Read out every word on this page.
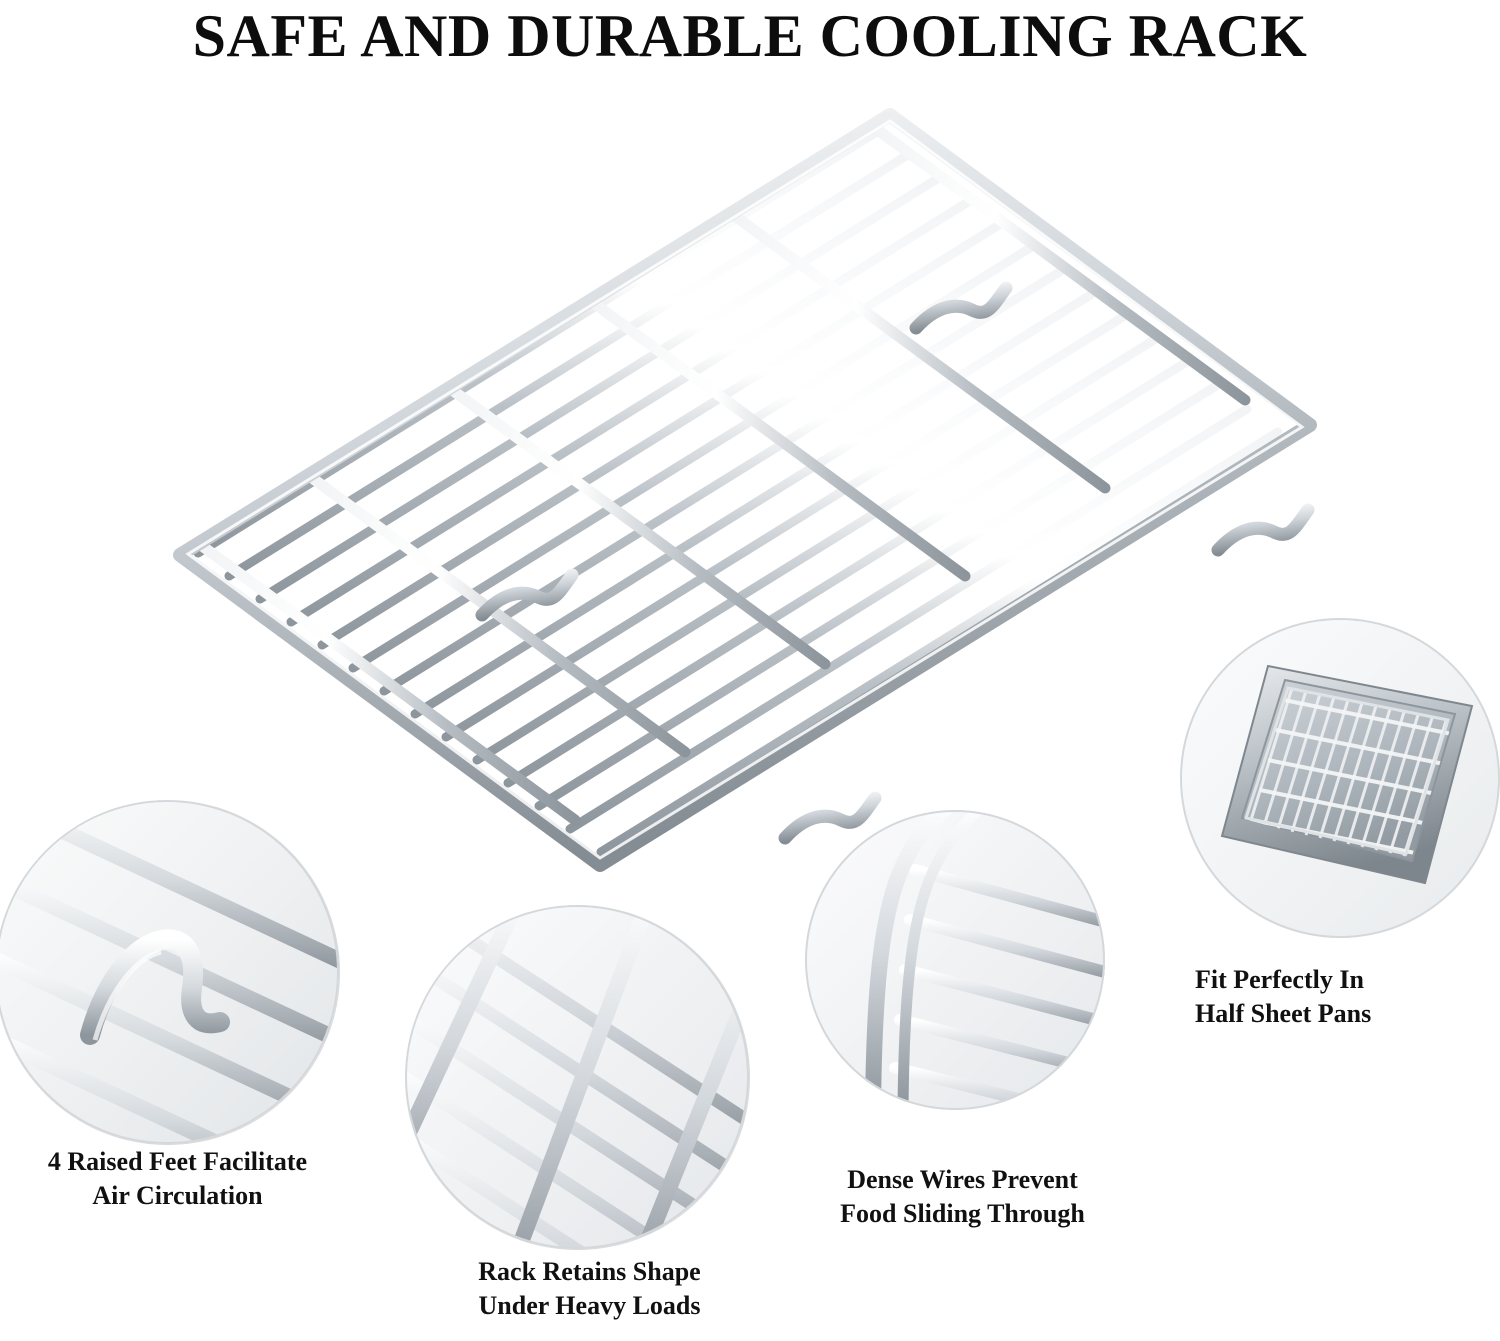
SAFE AND DURABLE COOLING RACK
4 Raised Feet Facilitate
Air Circulation
Rack Retains Shape
Under Heavy Loads
Dense Wires Prevent
Food Sliding Through
Fit Perfectly In
Half Sheet Pans
